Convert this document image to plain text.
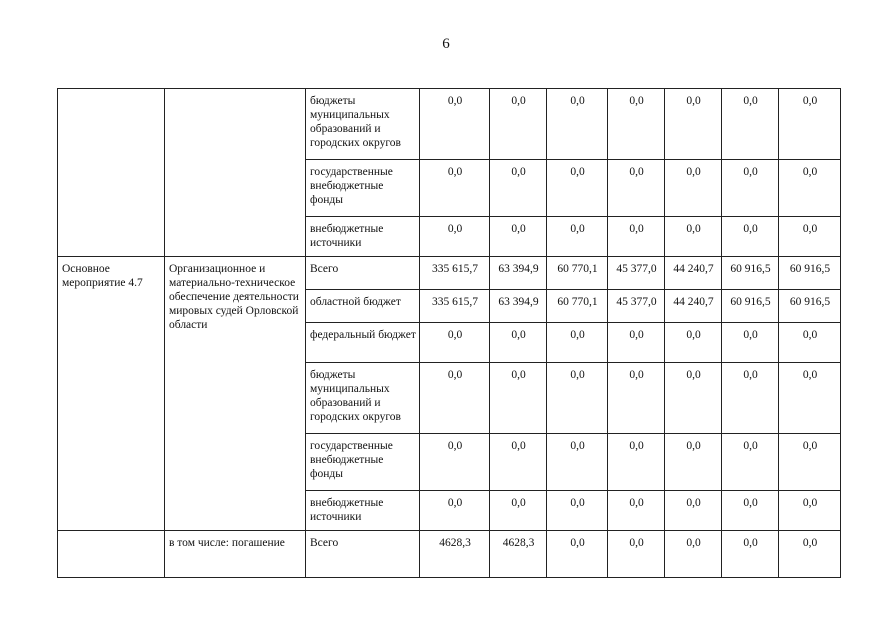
6
		бюджеты муниципальных образований и городских округов	0,0	0,0	0,0	0,0	0,0	0,0	0,0
		государственные внебюджетные фонды	0,0	0,0	0,0	0,0	0,0	0,0	0,0
		внебюджетные источники	0,0	0,0	0,0	0,0	0,0	0,0	0,0
Основное мероприятие 4.7	Организационное и материально-техническое обеспечение деятельности мировых судей Орловской области	Всего	335 615,7	63 394,9	60 770,1	45 377,0	44 240,7	60 916,5	60 916,5
		областной бюджет	335 615,7	63 394,9	60 770,1	45 377,0	44 240,7	60 916,5	60 916,5
		федеральный бюджет	0,0	0,0	0,0	0,0	0,0	0,0	0,0
		бюджеты муниципальных образований и городских округов	0,0	0,0	0,0	0,0	0,0	0,0	0,0
		государственные внебюджетные фонды	0,0	0,0	0,0	0,0	0,0	0,0	0,0
		внебюджетные источники	0,0	0,0	0,0	0,0	0,0	0,0	0,0
	в том числе: погашение	Всего	4628,3	4628,3	0,0	0,0	0,0	0,0	0,0
